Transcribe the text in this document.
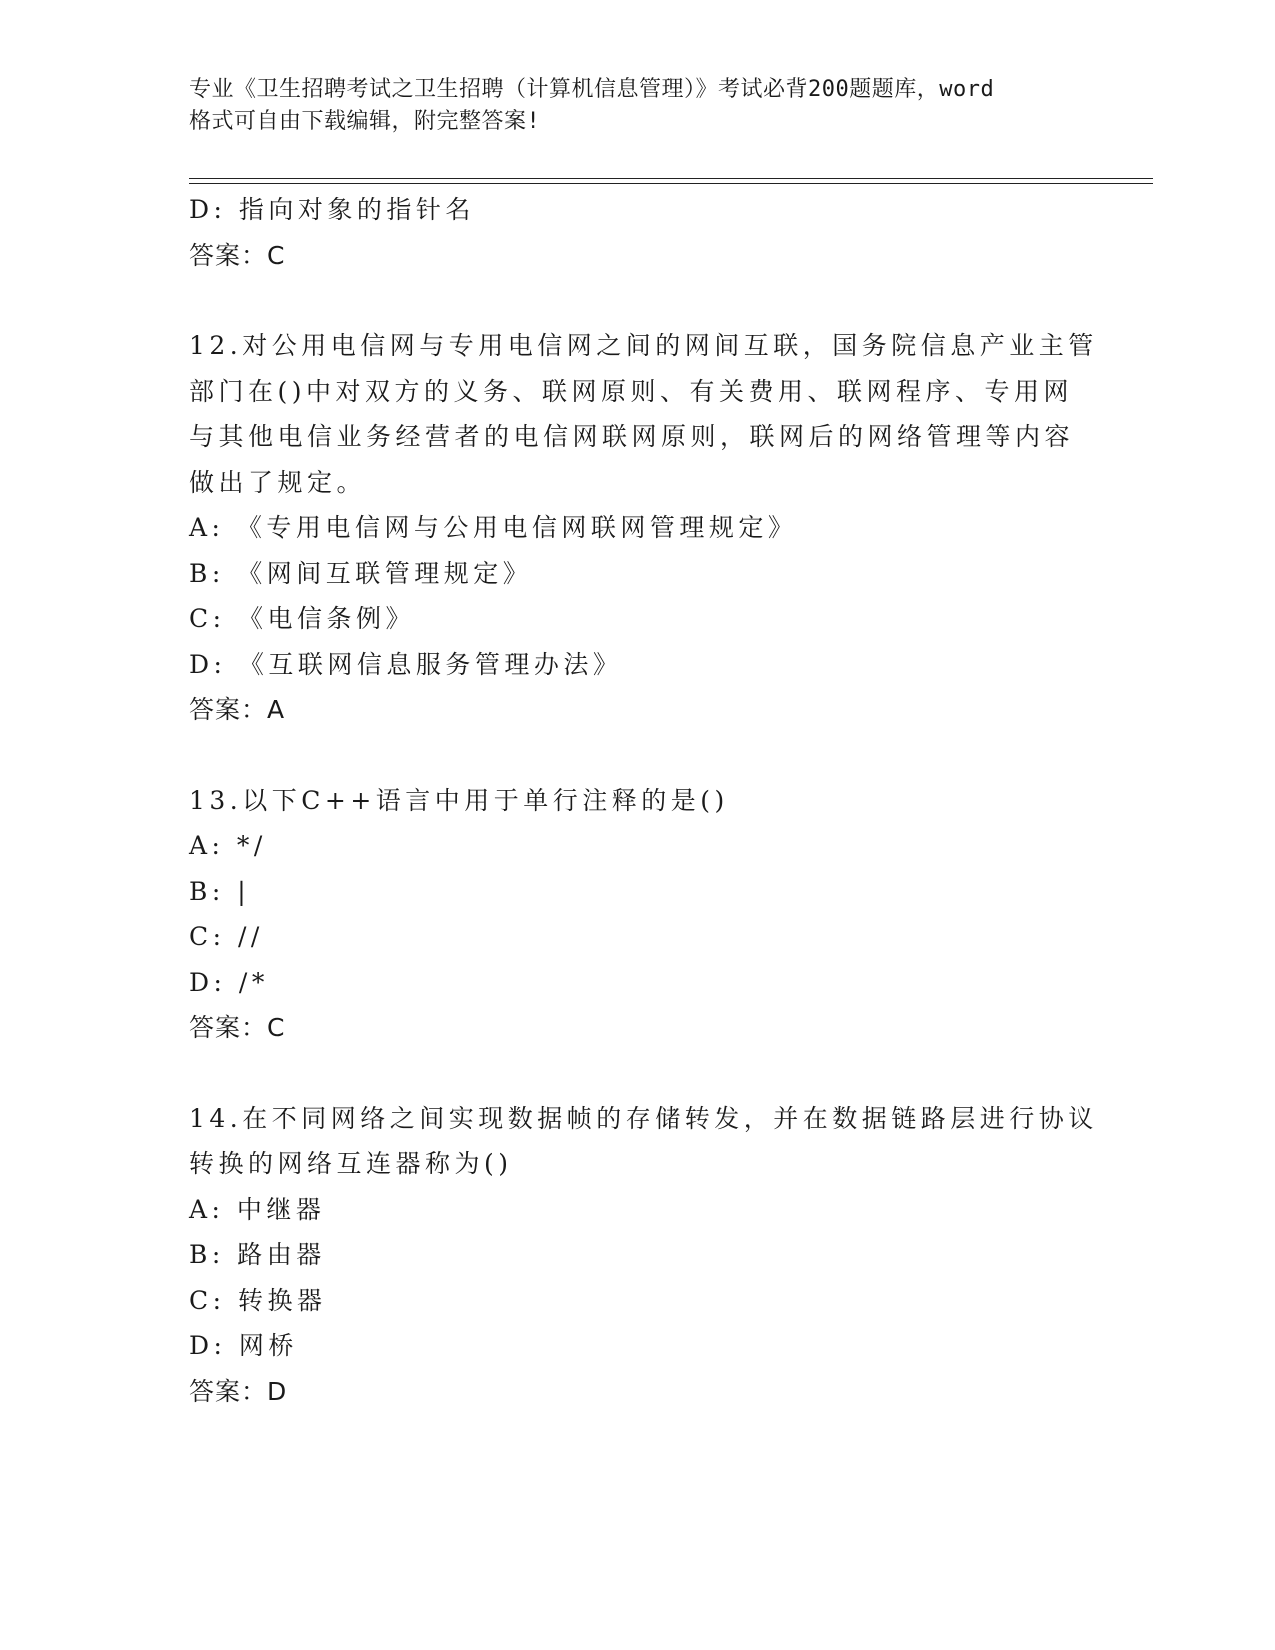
专业《卫生招聘考试之卫生招聘（计算机信息管理）》考试必背200题题库，word
格式可自由下载编辑，附完整答案!
D: 指向对象的指针名
答案：C
12.对公用电信网与专用电信网之间的网间互联，国务院信息产业主管
部门在()中对双方的义务、联网原则、有关费用、联网程序、专用网
与其他电信业务经营者的电信网联网原则，联网后的网络管理等内容
做出了规定。
A: 《专用电信网与公用电信网联网管理规定》
B: 《网间互联管理规定》
C: 《电信条例》
D: 《互联网信息服务管理办法》
答案：A
13.以下C++语言中用于单行注释的是()
A: */
B: |
C: //
D: /*
答案：C
14.在不同网络之间实现数据帧的存储转发，并在数据链路层进行协议
转换的网络互连器称为()
A: 中继器
B: 路由器
C: 转换器
D: 网桥
答案：D
